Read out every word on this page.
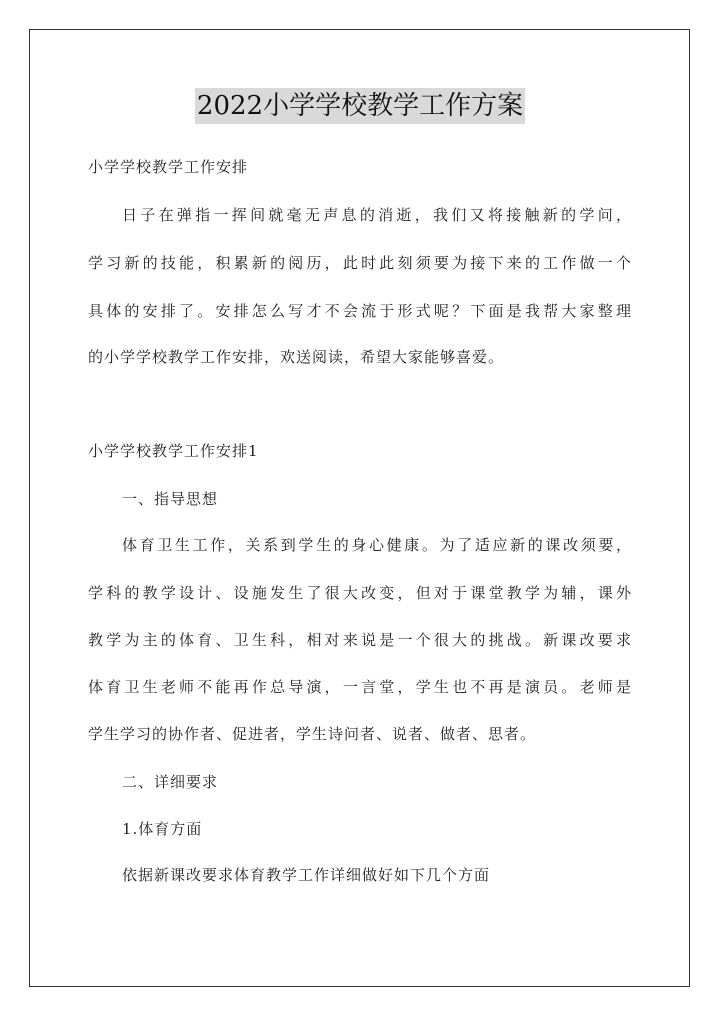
2022小学学校教学工作方案
小学学校教学工作安排
日子在弹指一挥间就毫无声息的消逝，我们又将接触新的学问，
学习新的技能，积累新的阅历，此时此刻须要为接下来的工作做一个
具体的安排了。安排怎么写才不会流于形式呢？下面是我帮大家整理
的小学学校教学工作安排，欢送阅读，希望大家能够喜爱。
小学学校教学工作安排1
一、指导思想
体育卫生工作，关系到学生的身心健康。为了适应新的课改须要，
学科的教学设计、设施发生了很大改变，但对于课堂教学为辅，课外
教学为主的体育、卫生科，相对来说是一个很大的挑战。新课改要求
体育卫生老师不能再作总导演，一言堂，学生也不再是演员。老师是
学生学习的协作者、促进者，学生诗问者、说者、做者、思者。
二、详细要求
1.体育方面
依据新课改要求体育教学工作详细做好如下几个方面
